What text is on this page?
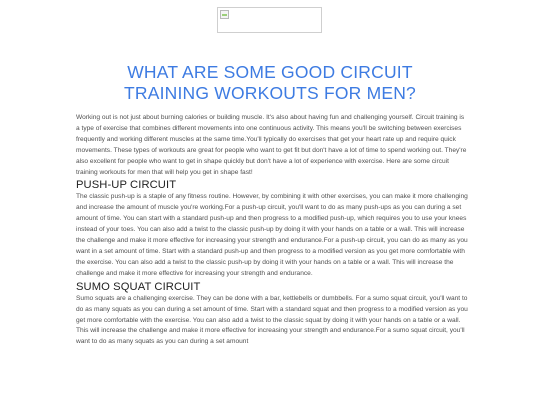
WHAT ARE SOME GOOD CIRCUIT
TRAINING WORKOUTS FOR MEN?

Working out is not just about burning calories or building muscle. It's also about having fun and challenging yourself. Circuit training is a type of exercise that combines different movements into one continuous activity. This means you'll be switching between exercises frequently and working different muscles at the same time.You'll typically do exercises that get your heart rate up and require quick movements. These types of workouts are great for people who want to get fit but don't have a lot of time to spend working out. They're also excellent for people who want to get in shape quickly but don't have a lot of experience with exercise. Here are some circuit training workouts for men that will help you get in shape fast!

PUSH-UP CIRCUIT

The classic push-up is a staple of any fitness routine. However, by combining it with other exercises, you can make it more challenging and increase the amount of muscle you're working.For a push-up circuit, you'll want to do as many push-ups as you can during a set amount of time. You can start with a standard push-up and then progress to a modified push-up, which requires you to use your knees instead of your toes. You can also add a twist to the classic push-up by doing it with your hands on a table or a wall. This will increase the challenge and make it more effective for increasing your strength and endurance.For a push-up circuit, you can do as many as you want in a set amount of time. Start with a standard push-up and then progress to a modified version as you get more comfortable with the exercise. You can also add a twist to the classic push-up by doing it with your hands on a table or a wall. This will increase the challenge and make it more effective for increasing your strength and endurance.

SUMO SQUAT CIRCUIT

Sumo squats are a challenging exercise. They can be done with a bar, kettlebells or dumbbells. For a sumo squat circuit, you'll want to do as many squats as you can during a set amount of time. Start with a standard squat and then progress to a modified version as you get more comfortable with the exercise. You can also add a twist to the classic squat by doing it with your hands on a table or a wall. This will increase the challenge and make it more effective for increasing your strength and endurance.For a sumo squat circuit, you'll want to do as many squats as you can during a set amount
